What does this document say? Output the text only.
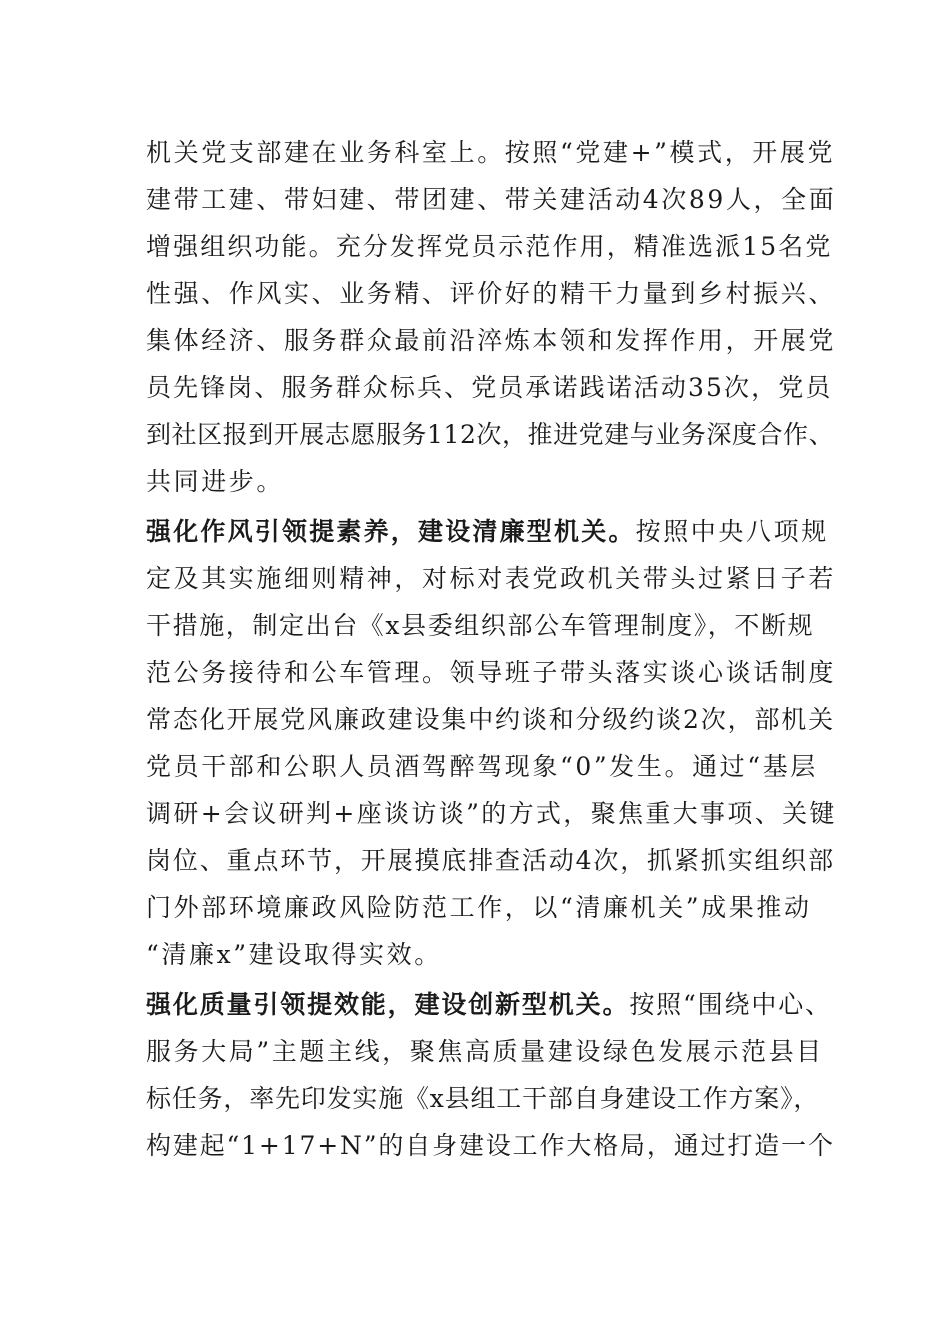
机关党支部建在业务科室上。按照“党建+”模式，开展党
建带工建、带妇建、带团建、带关建活动4次89人，全面
增强组织功能。充分发挥党员示范作用，精准选派15名党
性强、作风实、业务精、评价好的精干力量到乡村振兴、
集体经济、服务群众最前沿淬炼本领和发挥作用，开展党
员先锋岗、服务群众标兵、党员承诺践诺活动35次，党员
到社区报到开展志愿服务112次，推进党建与业务深度合作、
共同进步。
强化作风引领提素养，建设清廉型机关。按照中央八项规
定及其实施细则精神，对标对表党政机关带头过紧日子若
干措施，制定出台《x县委组织部公车管理制度》，不断规
范公务接待和公车管理。领导班子带头落实谈心谈话制度
常态化开展党风廉政建设集中约谈和分级约谈2次，部机关
党员干部和公职人员酒驾醉驾现象“0”发生。通过“基层
调研+会议研判+座谈访谈”的方式，聚焦重大事项、关键
岗位、重点环节，开展摸底排查活动4次，抓紧抓实组织部
门外部环境廉政风险防范工作，以“清廉机关”成果推动
“清廉x”建设取得实效。
强化质量引领提效能，建设创新型机关。按照“围绕中心、
服务大局”主题主线，聚焦高质量建设绿色发展示范县目
标任务，率先印发实施《x县组工干部自身建设工作方案》，
构建起“1+17+N”的自身建设工作大格局，通过打造一个
